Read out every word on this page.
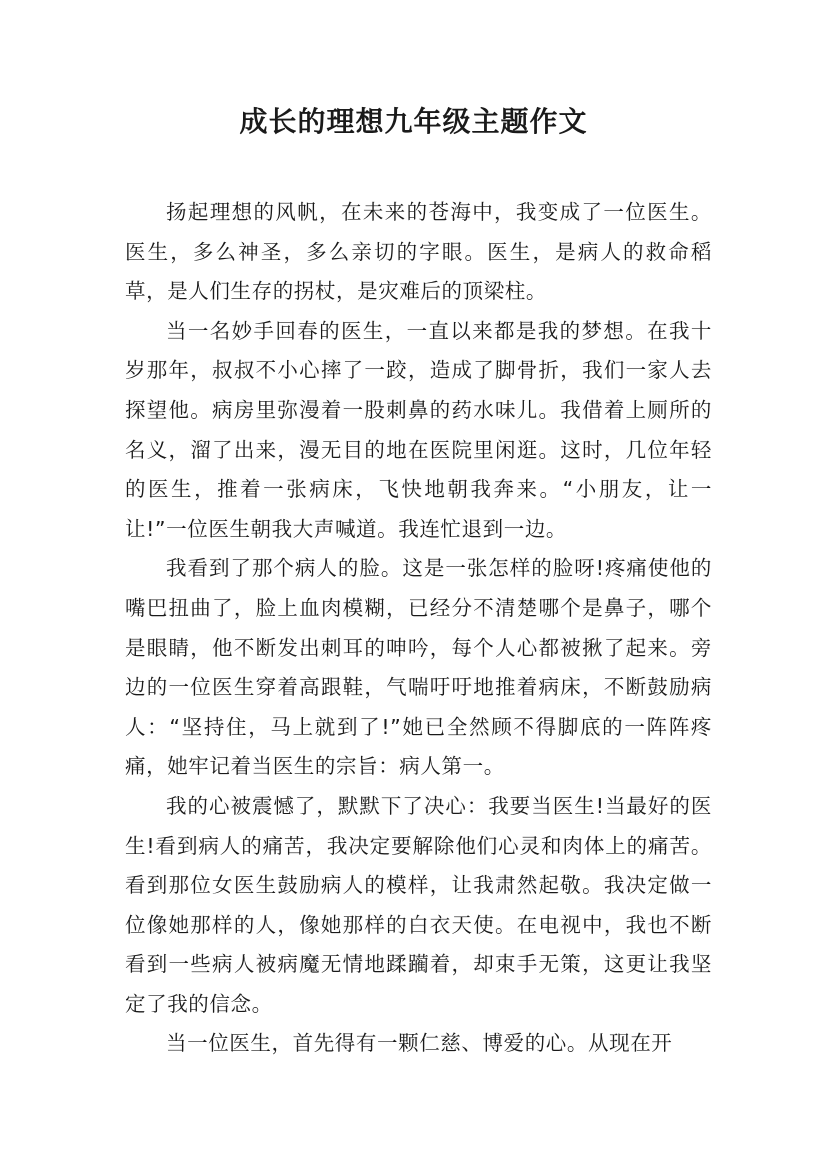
成长的理想九年级主题作文

扬起理想的风帆，在未来的苍海中，我变成了一位医生。医生，多么神圣，多么亲切的字眼。医生，是病人的救命稻草，是人们生存的拐杖，是灾难后的顶梁柱。

当一名妙手回春的医生，一直以来都是我的梦想。在我十岁那年，叔叔不小心摔了一跤，造成了脚骨折，我们一家人去探望他。病房里弥漫着一股刺鼻的药水味儿。我借着上厕所的名义，溜了出来，漫无目的地在医院里闲逛。这时，几位年轻的医生，推着一张病床，飞快地朝我奔来。“小朋友，让一让!”一位医生朝我大声喊道。我连忙退到一边。

我看到了那个病人的脸。这是一张怎样的脸呀!疼痛使他的嘴巴扭曲了，脸上血肉模糊，已经分不清楚哪个是鼻子，哪个是眼睛，他不断发出刺耳的呻吟，每个人心都被揪了起来。旁边的一位医生穿着高跟鞋，气喘吁吁地推着病床，不断鼓励病人：“坚持住，马上就到了!”她已全然顾不得脚底的一阵阵疼痛，她牢记着当医生的宗旨：病人第一。

我的心被震憾了，默默下了决心：我要当医生!当最好的医生!看到病人的痛苦，我决定要解除他们心灵和肉体上的痛苦。看到那位女医生鼓励病人的模样，让我肃然起敬。我决定做一位像她那样的人，像她那样的白衣天使。在电视中，我也不断看到一些病人被病魔无情地蹂躏着，却束手无策，这更让我坚定了我的信念。

当一位医生，首先得有一颗仁慈、博爱的心。从现在开
